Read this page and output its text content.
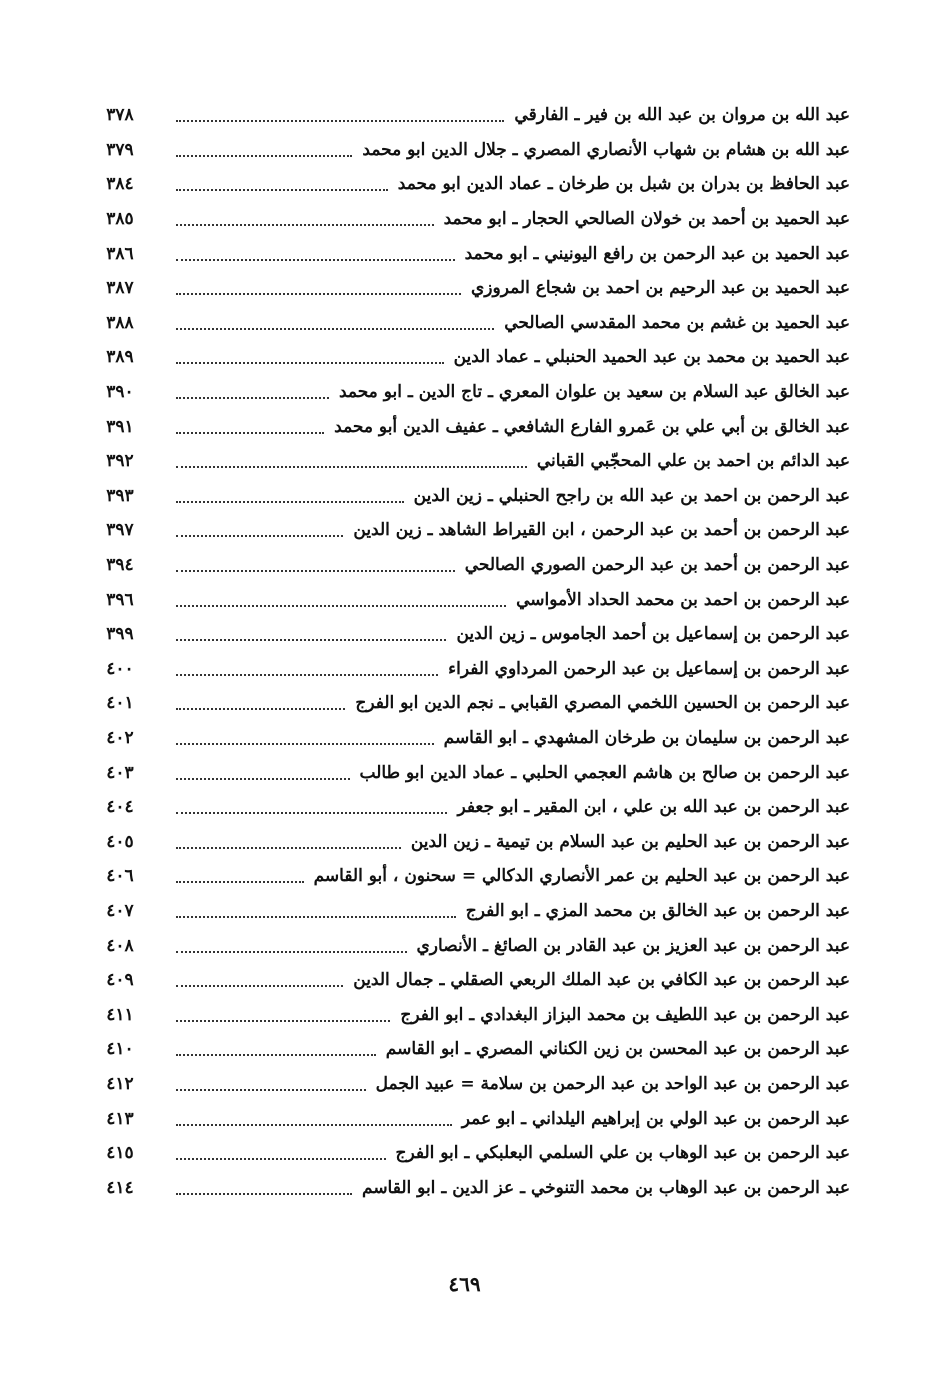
عبد الله بن مروان بن عبد الله بن فير ـ الفارقي
٣٧٨
عبد الله بن هشام بن شهاب الأنصاري المصري ـ جلال الدين ابو محمد
٣٧٩
عبد الحافظ بن بدران بن شبل بن طرخان ـ عماد الدين ابو محمد
٣٨٤
عبد الحميد بن أحمد بن خولان الصالحي الحجار ـ ابو محمد
٣٨٥
عبد الحميد بن عبد الرحمن بن رافع اليونيني ـ ابو محمد
٣٨٦
عبد الحميد بن عبد الرحيم بن احمد بن شجاع المروزي
٣٨٧
عبد الحميد بن غشم بن محمد المقدسي الصالحي
٣٨٨
عبد الحميد بن محمد بن عبد الحميد الحنبلي ـ عماد الدين
٣٨٩
عبد الخالق عبد السلام بن سعيد بن علوان المعري ـ تاج الدين ـ ابو محمد
٣٩٠
عبد الخالق بن أبي علي بن عَمرو الفارع الشافعي ـ عفيف الدين أبو محمد
٣٩١
عبد الدائم بن احمد بن علي المحجّبي القباني
٣٩٢
عبد الرحمن بن احمد بن عبد الله بن راجح الحنبلي ـ زين الدين
٣٩٣
عبد الرحمن بن أحمد بن عبد الرحمن ، ابن القيراط الشاهد ـ زين الدين
٣٩٧
عبد الرحمن بن أحمد بن عبد الرحمن الصوري الصالحي
٣٩٤
عبد الرحمن بن احمد بن محمد الحداد الأمواسي
٣٩٦
عبد الرحمن بن إسماعيل بن أحمد الجاموس ـ زين الدين
٣٩٩
عبد الرحمن بن إسماعيل بن عبد الرحمن المرداوي الفراء
٤٠٠
عبد الرحمن بن الحسين اللخمي المصري القبابي ـ نجم الدين ابو الفرج
٤٠١
عبد الرحمن بن سليمان بن طرخان المشهدي ـ ابو القاسم
٤٠٢
عبد الرحمن بن صالح بن هاشم العجمي الحلبي ـ عماد الدين ابو طالب
٤٠٣
عبد الرحمن بن عبد الله بن علي ، ابن المقير ـ ابو جعفر
٤٠٤
عبد الرحمن بن عبد الحليم بن عبد السلام بن تيمية ـ زين الدين
٤٠٥
عبد الرحمن بن عبد الحليم بن عمر الأنصاري الدكالي = سحنون ، أبو القاسم
٤٠٦
عبد الرحمن بن عبد الخالق بن محمد المزي ـ ابو الفرج
٤٠٧
عبد الرحمن بن عبد العزيز بن عبد القادر بن الصائغ ـ الأنصاري
٤٠٨
عبد الرحمن بن عبد الكافي بن عبد الملك الربعي الصقلي ـ جمال الدين
٤٠٩
عبد الرحمن بن عبد اللطيف بن محمد البزاز البغدادي ـ ابو الفرج
٤١١
عبد الرحمن بن عبد المحسن بن زين الكناني المصري ـ ابو القاسم
٤١٠
عبد الرحمن بن عبد الواحد بن عبد الرحمن بن سلامة = عبيد الجمل
٤١٢
عبد الرحمن بن عبد الولي بن إبراهيم اليلداني ـ ابو عمر
٤١٣
عبد الرحمن بن عبد الوهاب بن علي السلمي البعلبكي ـ ابو الفرج
٤١٥
عبد الرحمن بن عبد الوهاب بن محمد التنوخي ـ عز الدين ـ ابو القاسم
٤١٤
٤٦٩
